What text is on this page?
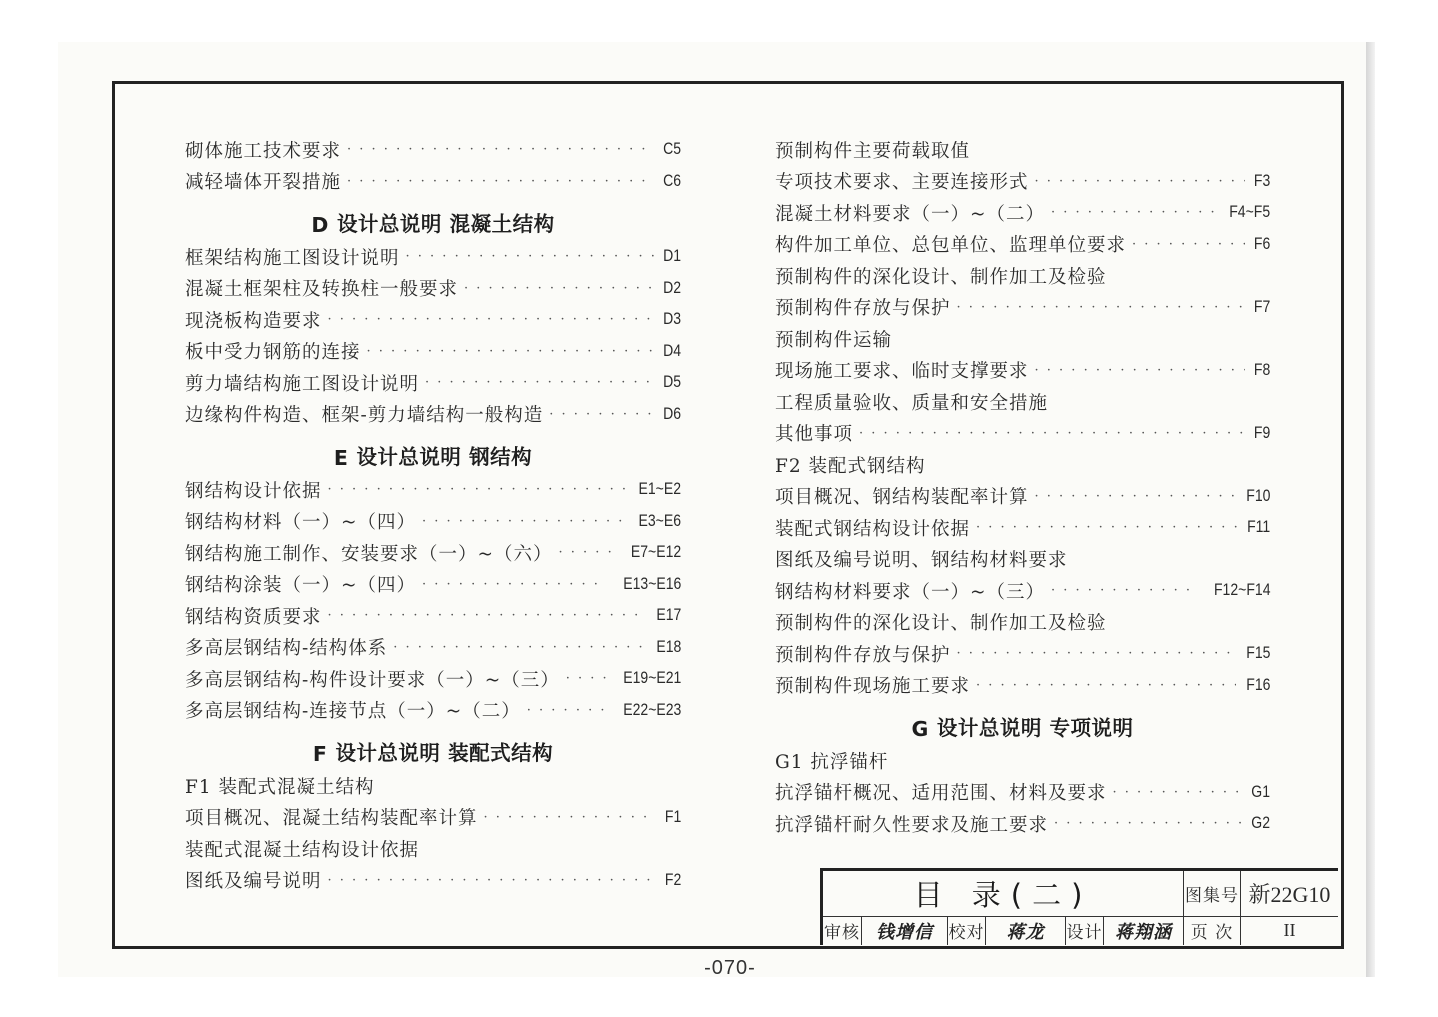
砌体施工技术要求 · · ·	C5
减轻墙体开裂措施 · · ·	C6
D 设计总说明 混凝土结构
框架结构施工图设计说明 · · ·	D1
混凝土框架柱及转换柱一般要求 · · ·	D2
现浇板构造要求 · · ·	D3
板中受力钢筋的连接 · · ·	D4
剪力墙结构施工图设计说明 · · ·	D5
边缘构件构造、框架-剪力墙结构一般构造 · · ·	D6
E 设计总说明 钢结构
钢结构设计依据 · · ·	E1~E2
钢结构材料（一）~（四） · · ·	E3~E6
钢结构施工制作、安装要求（一）~（六） · · ·	E7~E12
钢结构涂装（一）~（四） · · ·	E13~E16
钢结构资质要求 · · ·	E17
多高层钢结构-结构体系 · · ·	E18
多高层钢结构-构件设计要求（一）~（三） · · ·	E19~E21
多高层钢结构-连接节点（一）~（二） · · ·	E22~E23
F 设计总说明 装配式结构
F1 装配式混凝土结构
项目概况、混凝土结构装配率计算 · · ·	F1
装配式混凝土结构设计依据
图纸及编号说明 · · ·	F2
预制构件主要荷载取值
专项技术要求、主要连接形式 · · ·	F3
混凝土材料要求（一）~（二） · · ·	F4~F5
构件加工单位、总包单位、监理单位要求 · · ·	F6
预制构件的深化设计、制作加工及检验
预制构件存放与保护 · · ·	F7
预制构件运输
现场施工要求、临时支撑要求 · · ·	F8
工程质量验收、质量和安全措施
其他事项 · · ·	F9
F2 装配式钢结构
项目概况、钢结构装配率计算 · · ·	F10
装配式钢结构设计依据 · · ·	F11
图纸及编号说明、钢结构材料要求
钢结构材料要求（一）~（三） · · ·	F12~F14
预制构件的深化设计、制作加工及检验
预制构件存放与保护 · · ·	F15
预制构件现场施工要求 · · ·	F16
G 设计总说明 专项说明
G1 抗浮锚杆
抗浮锚杆概况、适用范围、材料及要求 · · ·	G1
抗浮锚杆耐久性要求及施工要求 · · ·	G2
目 录(二)	图集号 新22G10
审核 钱增信 校对	蒋龙	设计 蒋翔涵	页 次	II
-070-
